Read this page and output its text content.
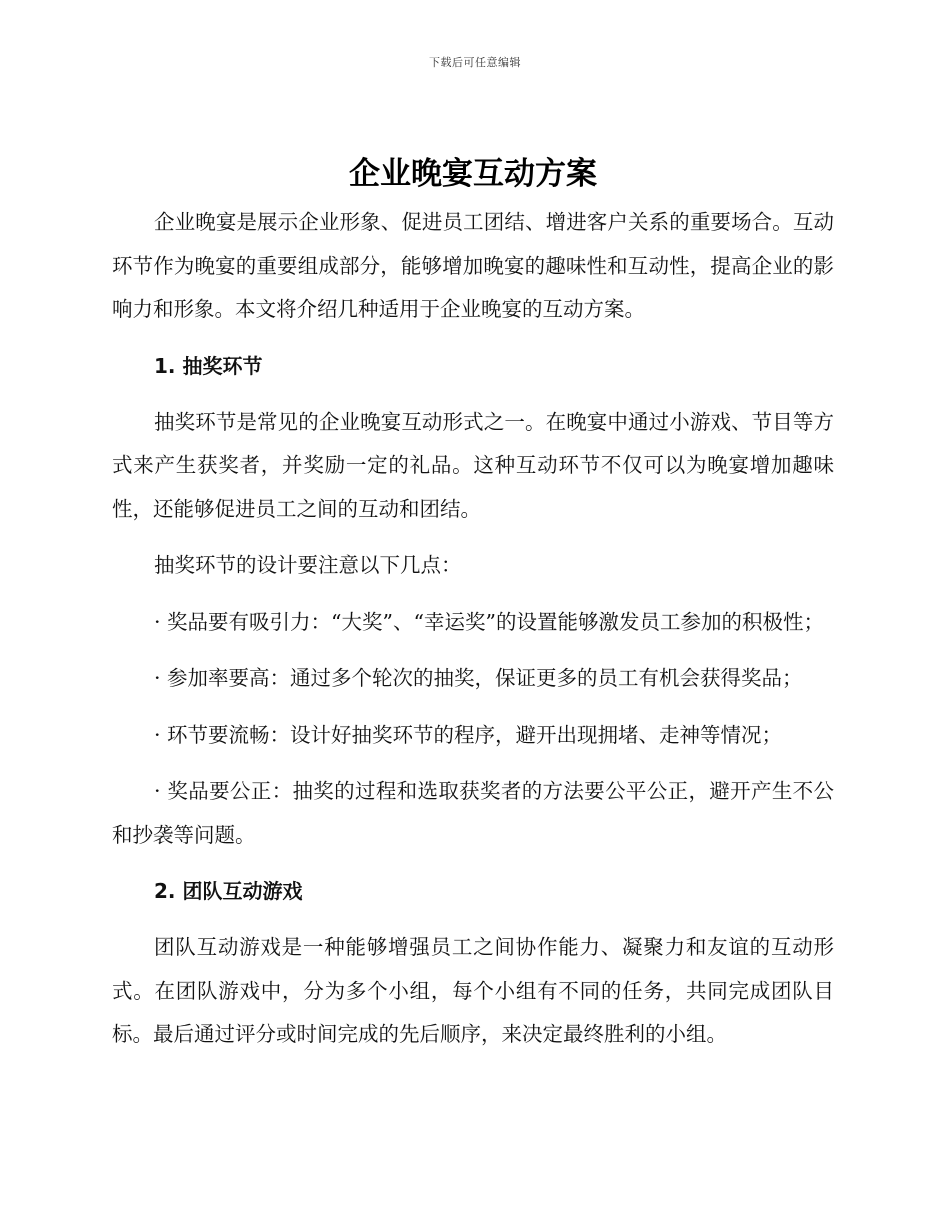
下载后可任意编辑
企业晚宴互动方案

企业晚宴是展示企业形象、促进员工团结、增进客户关系的重要场合。互动环节作为晚宴的重要组成部分，能够增加晚宴的趣味性和互动性，提高企业的影响力和形象。本文将介绍几种适用于企业晚宴的互动方案。

1. 抽奖环节

抽奖环节是常见的企业晚宴互动形式之一。在晚宴中通过小游戏、节目等方式来产生获奖者，并奖励一定的礼品。这种互动环节不仅可以为晚宴增加趣味性，还能够促进员工之间的互动和团结。

抽奖环节的设计要注意以下几点：

· 奖品要有吸引力：“大奖”、“幸运奖”的设置能够激发员工参加的积极性；

· 参加率要高：通过多个轮次的抽奖，保证更多的员工有机会获得奖品；

· 环节要流畅：设计好抽奖环节的程序，避开出现拥堵、走神等情况；

· 奖品要公正：抽奖的过程和选取获奖者的方法要公平公正，避开产生不公和抄袭等问题。

2. 团队互动游戏

团队互动游戏是一种能够增强员工之间协作能力、凝聚力和友谊的互动形式。在团队游戏中，分为多个小组，每个小组有不同的任务，共同完成团队目标。最后通过评分或时间完成的先后顺序，来决定最终胜利的小组。
